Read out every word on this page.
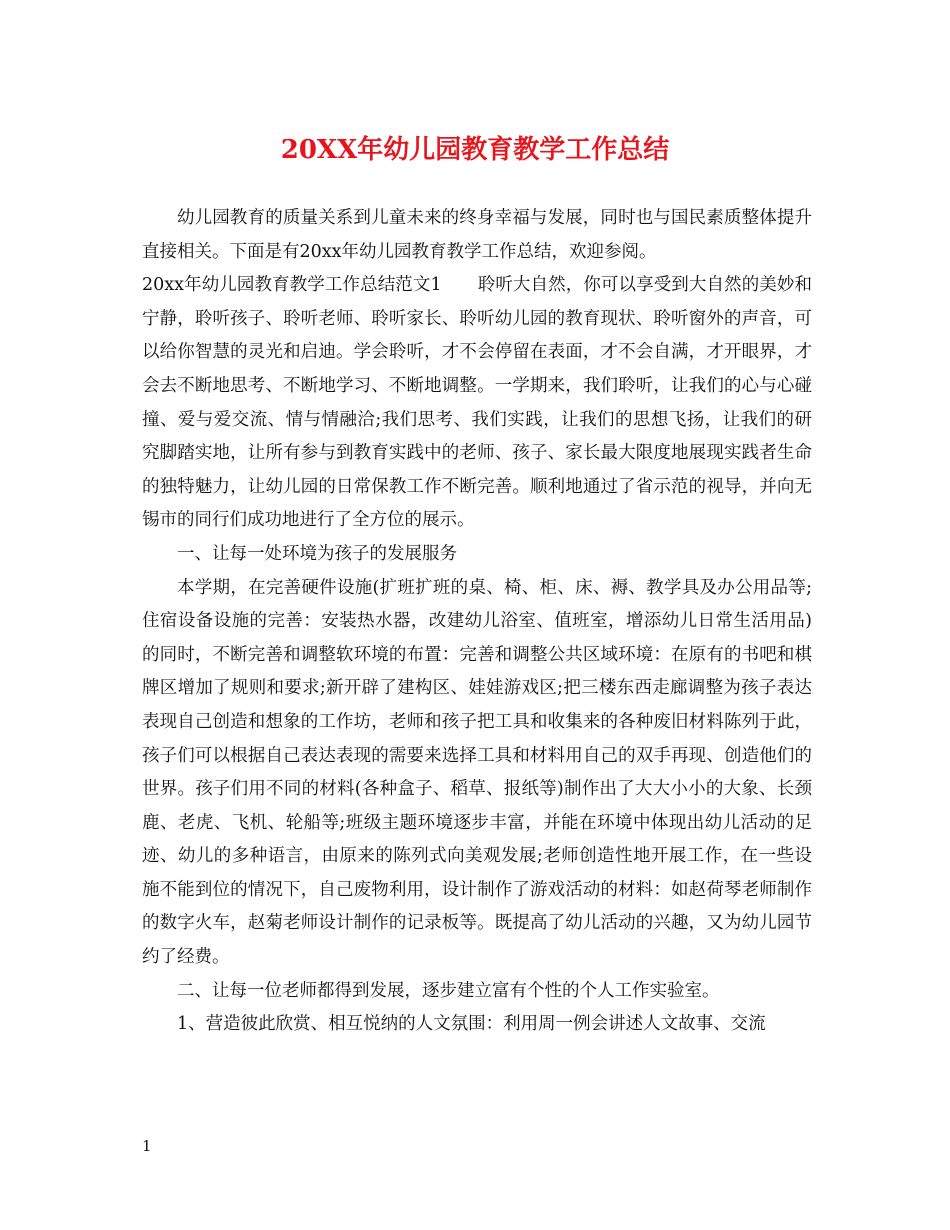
20XX年幼儿园教育教学工作总结

幼儿园教育的质量关系到儿童未来的终身幸福与发展，同时也与国民素质整体提升直接相关。下面是有20xx年幼儿园教育教学工作总结，欢迎参阅。

20xx年幼儿园教育教学工作总结范文1 聆听大自然，你可以享受到大自然的美妙和宁静，聆听孩子、聆听老师、聆听家长、聆听幼儿园的教育现状、聆听窗外的声音，可以给你智慧的灵光和启迪。学会聆听，才不会停留在表面，才不会自满，才开眼界，才会去不断地思考、不断地学习、不断地调整。一学期来，我们聆听，让我们的心与心碰撞、爱与爱交流、情与情融洽;我们思考、我们实践，让我们的思想飞扬，让我们的研究脚踏实地，让所有参与到教育实践中的老师、孩子、家长最大限度地展现实践者生命的独特魅力，让幼儿园的日常保教工作不断完善。顺利地通过了省示范的视导，并向无锡市的同行们成功地进行了全方位的展示。

一、让每一处环境为孩子的发展服务

本学期，在完善硬件设施(扩班扩班的桌、椅、柜、床、褥、教学具及办公用品等;住宿设备设施的完善：安装热水器，改建幼儿浴室、值班室，增添幼儿日常生活用品)的同时，不断完善和调整软环境的布置：完善和调整公共区域环境：在原有的书吧和棋牌区增加了规则和要求;新开辟了建构区、娃娃游戏区;把三楼东西走廊调整为孩子表达表现自己创造和想象的工作坊，老师和孩子把工具和收集来的各种废旧材料陈列于此，孩子们可以根据自己表达表现的需要来选择工具和材料用自己的双手再现、创造他们的世界。孩子们用不同的材料(各种盒子、稻草、报纸等)制作出了大大小小的大象、长颈鹿、老虎、飞机、轮船等;班级主题环境逐步丰富，并能在环境中体现出幼儿活动的足迹、幼儿的多种语言，由原来的陈列式向美观发展;老师创造性地开展工作，在一些设施不能到位的情况下，自己废物利用，设计制作了游戏活动的材料：如赵荷琴老师制作的数字火车，赵菊老师设计制作的记录板等。既提高了幼儿活动的兴趣，又为幼儿园节约了经费。

二、让每一位老师都得到发展，逐步建立富有个性的个人工作实验室。

1、营造彼此欣赏、相互悦纳的人文氛围：利用周一例会讲述人文故事、交流

1
